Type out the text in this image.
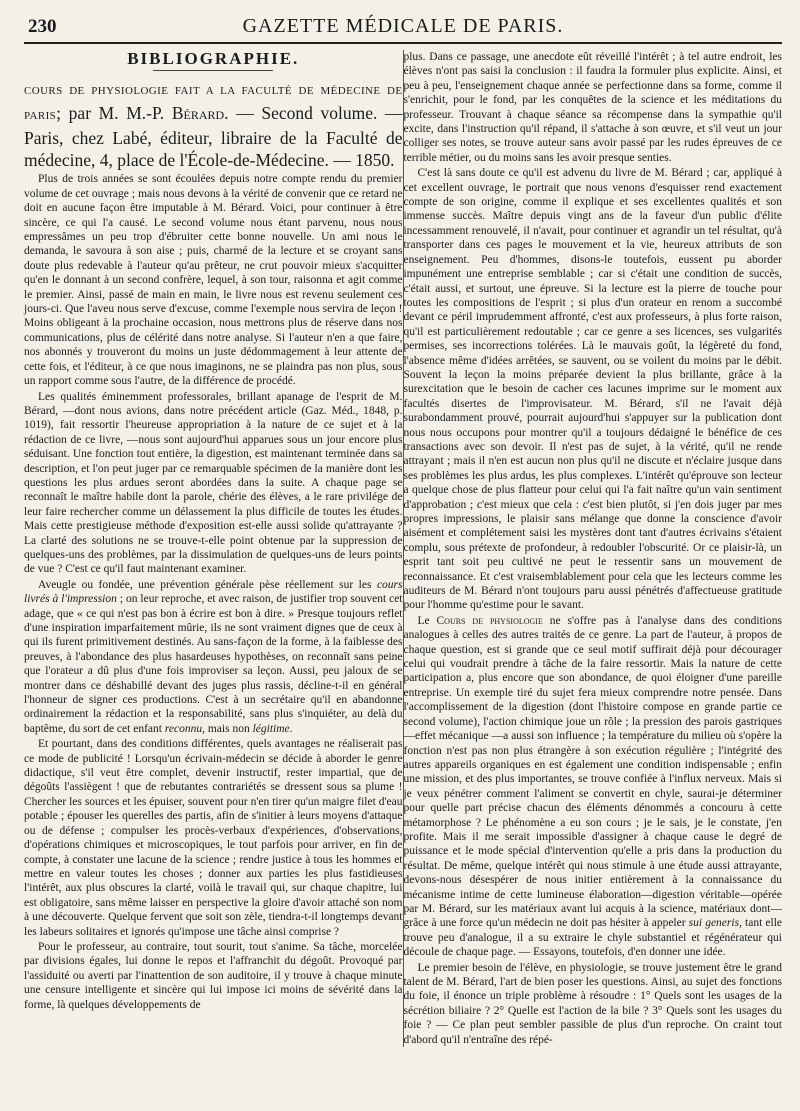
230	GAZETTE MÉDICALE DE PARIS.
BIBLIOGRAPHIE.

COURS DE PHYSIOLOGIE FAIT A LA FACULTÉ DE MÉDECINE DE PARIS; par M. M.-P. Bérard. — Second volume. — Paris, chez Labé, éditeur, libraire de la Faculté de médecine, 4, place de l'École-de-Médecine. — 1850.

Plus de trois années se sont écoulées depuis notre compte rendu du premier volume de cet ouvrage ; mais nous devons à la vérité de convenir que ce retard ne doit en aucune façon être imputable à M. Bérard. Voici, pour continuer à être sincère, ce qui l'a causé. Le second volume nous étant parvenu, nous nous empressâmes un peu trop d'ébruiter cette bonne nouvelle. Un ami nous le demanda, le savoura à son aise ; puis, charmé de la lecture et se croyant sans doute plus redevable à l'auteur qu'au prêteur, ne crut pouvoir mieux s'acquitter qu'en le donnant à un second confrère, lequel, à son tour, raisonna et agit comme le premier. Ainsi, passé de main en main, le livre nous est revenu seulement ces jours-ci. Que l'aveu nous serve d'excuse, comme l'exemple nous servira de leçon ! Moins obligeant à la prochaine occasion, nous mettrons plus de réserve dans nos communications, plus de célérité dans notre analyse. Si l'auteur n'en a que faire, nos abonnés y trouveront du moins un juste dédommagement à leur attente de cette fois, et l'éditeur, à ce que nous imaginons, ne se plaindra pas non plus, sous un rapport comme sous l'autre, de la différence de procédé.

Les qualités éminemment professorales, brillant apanage de l'esprit de M. Bérard, —dont nous avions, dans notre précédent article (Gaz. Méd., 1848, p. 1019), fait ressortir l'heureuse appropriation à la nature de ce sujet et à la rédaction de ce livre, —nous sont aujourd'hui apparues sous un jour encore plus séduisant. Une fonction tout entière, la digestion, est maintenant terminée dans sa description, et l'on peut juger par ce remarquable spécimen de la manière dont les questions les plus ardues seront abordées dans la suite. A chaque page se reconnaît le maître habile dont la parole, chérie des élèves, a le rare privilége de leur faire rechercher comme un délassement la plus difficile de toutes les études. Mais cette prestigieuse méthode d'exposition est-elle aussi solide qu'attrayante ? La clarté des solutions ne se trouve-t-elle point obtenue par la suppression de quelques-uns des problèmes, par la dissimulation de quelques-uns de leurs points de vue ? C'est ce qu'il faut maintenant examiner.

Aveugle ou fondée, une prévention générale pèse réellement sur les cours livrés à l'impression ; on leur reproche, et avec raison, de justifier trop souvent cet adage, que « ce qui n'est pas bon à écrire est bon à dire. » Presque toujours reflet d'une inspiration imparfaitement mûrie, ils ne sont vraiment dignes que de ceux à qui ils furent primitivement destinés. Au sans-façon de la forme, à la faiblesse des preuves, à l'abondance des plus hasardeuses hypothèses, on reconnaît sans peine que l'orateur a dû plus d'une fois improviser sa leçon. Aussi, peu jaloux de se montrer dans ce déshabillé devant des juges plus rassis, décline-t-il en général l'honneur de signer ces productions. C'est à un secrétaire qu'il en abandonne ordinairement la rédaction et la responsabilité, sans plus s'inquiéter, au delà du baptême, du sort de cet enfant reconnu, mais non légitime.

Et pourtant, dans des conditions différentes, quels avantages ne réaliserait pas ce mode de publicité ! Lorsqu'un écrivain-médecin se décide à aborder le genre didactique, s'il veut être complet, devenir instructif, rester impartial, que de dégoûts l'assiègent ! que de rebutantes contrariétés se dressent sous sa plume ! Chercher les sources et les épuiser, souvent pour n'en tirer qu'un maigre filet d'eau potable ; épouser les querelles des partis, afin de s'initier à leurs moyens d'attaque ou de défense ; compulser les procès-verbaux d'expériences, d'observations, d'opérations chimiques et microscopiques, le tout parfois pour arriver, en fin de compte, à constater une lacune de la science ; rendre justice à tous les hommes et mettre en valeur toutes les choses ; donner aux parties les plus fastidieuses l'intérêt, aux plus obscures la clarté, voilà le travail qui, sur chaque chapitre, lui est obligatoire, sans même laisser en perspective la gloire d'avoir attaché son nom à une découverte. Quelque fervent que soit son zèle, tiendra-t-il longtemps devant les labeurs solitaires et ignorés qu'impose une tâche ainsi comprise ?

Pour le professeur, au contraire, tout sourit, tout s'anime. Sa tâche, morcelée par divisions égales, lui donne le repos et l'affranchit du dégoût. Provoqué par l'assiduité ou averti par l'inattention de son auditoire, il y trouve à chaque minute une censure intelligente et sincère qui lui impose ici moins de sévérité dans la forme, là quelques développements de

plus. Dans ce passage, une anecdote eût réveillé l'intérêt ; à tel autre endroit, les élèves n'ont pas saisi la conclusion : il faudra la formuler plus explicite. Ainsi, et peu à peu, l'enseignement chaque année se perfectionne dans sa forme, comme il s'enrichit, pour le fond, par les conquêtes de la science et les méditations du professeur. Trouvant à chaque séance sa récompense dans la sympathie qu'il excite, dans l'instruction qu'il répand, il s'attache à son œuvre, et s'il veut un jour colliger ses notes, se trouve auteur sans avoir passé par les rudes épreuves de ce terrible métier, ou du moins sans les avoir presque senties.

C'est là sans doute ce qu'il est advenu du livre de M. Bérard ; car, appliqué à cet excellent ouvrage, le portrait que nous venons d'esquisser rend exactement compte de son origine, comme il explique et ses excellentes qualités et son immense succès. Maître depuis vingt ans de la faveur d'un public d'élite incessamment renouvelé, il n'avait, pour continuer et agrandir un tel résultat, qu'à transporter dans ces pages le mouvement et la vie, heureux attributs de son enseignement. Peu d'hommes, disons-le toutefois, eussent pu aborder impunément une entreprise semblable ; car si c'était une condition de succès, c'était aussi, et surtout, une épreuve. Si la lecture est la pierre de touche pour toutes les compositions de l'esprit ; si plus d'un orateur en renom a succombé devant ce péril imprudemment affronté, c'est aux professeurs, à plus forte raison, qu'il est particulièrement redoutable ; car ce genre a ses licences, ses vulgarités permises, ses incorrections tolérées. Là le mauvais goût, la légèreté du fond, l'absence même d'idées arrêtées, se sauvent, ou se voilent du moins par le débit. Souvent la leçon la moins préparée devient la plus brillante, grâce à la surexcitation que le besoin de cacher ces lacunes imprime sur le moment aux facultés disertes de l'improvisateur. M. Bérard, s'il ne l'avait déjà surabondamment prouvé, pourrait aujourd'hui s'appuyer sur la publication dont nous nous occupons pour montrer qu'il a toujours dédaigné le bénéfice de ces transactions avec son devoir. Il n'est pas de sujet, à la vérité, qu'il ne rende attrayant ; mais il n'en est aucun non plus qu'il ne discute et n'éclaire jusque dans ses problèmes les plus ardus, les plus complexes. L'intérêt qu'éprouve son lecteur a quelque chose de plus flatteur pour celui qui l'a fait naître qu'un vain sentiment d'approbation ; c'est mieux que cela : c'est bien plutôt, si j'en dois juger par mes propres impressions, le plaisir sans mélange que donne la conscience d'avoir aisément et complétement saisi les mystères dont tant d'autres écrivains s'étaient complu, sous prétexte de profondeur, à redoubler l'obscurité. Or ce plaisir-là, un esprit tant soit peu cultivé ne peut le ressentir sans un mouvement de reconnaissance. Et c'est vraisemblablement pour cela que les lecteurs comme les auditeurs de M. Bérard n'ont toujours paru aussi pénétrés d'affectueuse gratitude pour l'homme qu'estime pour le savant.

Le Cours de physiologie ne s'offre pas à l'analyse dans des conditions analogues à celles des autres traités de ce genre. La part de l'auteur, à propos de chaque question, est si grande que ce seul motif suffirait déjà pour décourager celui qui voudrait prendre à tâche de la faire ressortir. Mais la nature de cette participation a, plus encore que son abondance, de quoi éloigner d'une pareille entreprise. Un exemple tiré du sujet fera mieux comprendre notre pensée. Dans l'accomplissement de la digestion (dont l'histoire compose en grande partie ce second volume), l'action chimique joue un rôle ; la pression des parois gastriques—effet mécanique —a aussi son influence ; la température du milieu où s'opère la fonction n'est pas non plus étrangère à son exécution régulière ; l'intégrité des autres appareils organiques en est également une condition indispensable ; enfin une mission, et des plus importantes, se trouve confiée à l'influx nerveux. Mais si je veux pénétrer comment l'aliment se convertit en chyle, saurai-je déterminer pour quelle part précise chacun des éléments dénommés a concouru à cette métamorphose ? Le phénomène a eu son cours ; je le sais, je le constate, j'en profite. Mais il me serait impossible d'assigner à chaque cause le degré de puissance et le mode spécial d'intervention qu'elle a pris dans la production du résultat. De même, quelque intérêt qui nous stimule à une étude aussi attrayante, devons-nous désespérer de nous initier entièrement à la connaissance du mécanisme intime de cette lumineuse élaboration—digestion véritable—opérée par M. Bérard, sur les matériaux avant lui acquis à la science, matériaux dont—grâce à une force qu'un médecin ne doit pas hésiter à appeler sui generis, tant elle trouve peu d'analogue, il a su extraire le chyle substantiel et régénérateur qui découle de chaque page. — Essayons, toutefois, d'en donner une idée.

Le premier besoin de l'élève, en physiologie, se trouve justement être le grand talent de M. Bérard, l'art de bien poser les questions. Ainsi, au sujet des fonctions du foie, il énonce un triple problème à résoudre : 1° Quels sont les usages de la sécrétion biliaire ? 2° Quelle est l'action de la bile ? 3° Quels sont les usages du foie ? — Ce plan peut sembler passible de plus d'un reproche. On craint tout d'abord qu'il n'entraîne des répé-
